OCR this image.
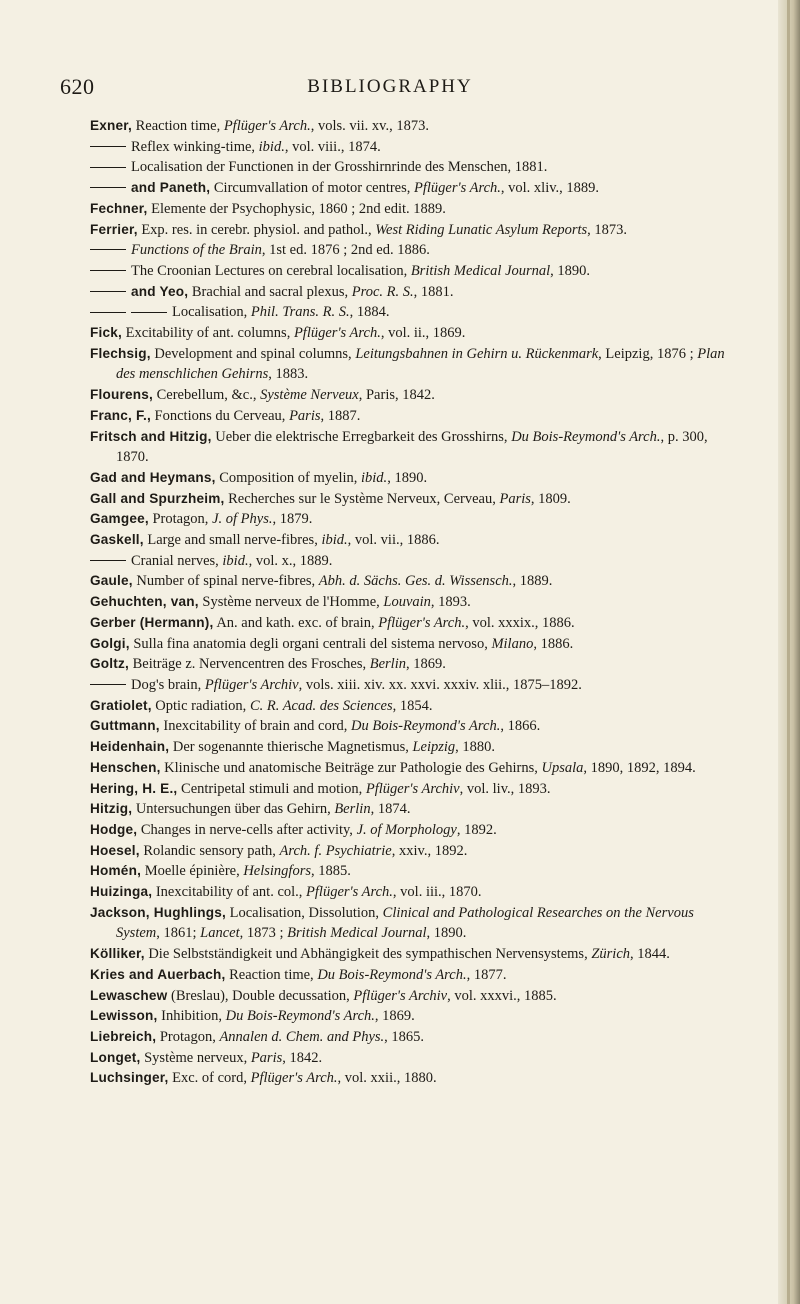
620	BIBLIOGRAPHY

Exner, Reaction time, Pflüger's Arch., vols. vii. xv., 1873.

Reflex winking-time, ibid., vol. viii., 1874.

Localisation der Functionen in der Grosshirnrinde des Menschen, 1881.

and Paneth, Circumvallation of motor centres, Pflüger's Arch., vol. xliv., 1889.

Fechner, Elemente der Psychophysic, 1860 ; 2nd edit. 1889.

Ferrier, Exp. res. in cerebr. physiol. and pathol., West Riding Lunatic Asylum Reports, 1873.

Functions of the Brain, 1st ed. 1876 ; 2nd ed. 1886.

The Croonian Lectures on cerebral localisation, British Medical Journal, 1890.

and Yeo, Brachial and sacral plexus, Proc. R. S., 1881.

Localisation, Phil. Trans. R. S., 1884.

Fick, Excitability of ant. columns, Pflüger's Arch., vol. ii., 1869.

Flechsig, Development and spinal columns, Leitungsbahnen in Gehirn u. Rückenmark, Leipzig, 1876 ; Plan des menschlichen Gehirns, 1883.

Flourens, Cerebellum, &c., Système Nerveux, Paris, 1842.

Franc, F., Fonctions du Cerveau, Paris, 1887.

Fritsch and Hitzig, Ueber die elektrische Erregbarkeit des Grosshirns, Du Bois-Reymond's Arch., p. 300, 1870.

Gad and Heymans, Composition of myelin, ibid., 1890.

Gall and Spurzheim, Recherches sur le Système Nerveux, Cerveau, Paris, 1809.

Gamgee, Protagon, J. of Phys., 1879.

Gaskell, Large and small nerve-fibres, ibid., vol. vii., 1886.

Cranial nerves, ibid., vol. x., 1889.

Gaule, Number of spinal nerve-fibres, Abh. d. Sächs. Ges. d. Wissensch., 1889.

Gehuchten, van, Système nerveux de l'Homme, Louvain, 1893.

Gerber (Hermann), An. and kath. exc. of brain, Pflüger's Arch., vol. xxxix., 1886.

Golgi, Sulla fina anatomia degli organi centrali del sistema nervoso, Milano, 1886.

Goltz, Beiträge z. Nervencentren des Frosches, Berlin, 1869.

Dog's brain, Pflüger's Archiv, vols. xiii. xiv. xx. xxvi. xxxiv. xlii., 1875–1892.

Gratiolet, Optic radiation, C. R. Acad. des Sciences, 1854.

Guttmann, Inexcitability of brain and cord, Du Bois-Reymond's Arch., 1866.

Heidenhain, Der sogenannte thierische Magnetismus, Leipzig, 1880.

Henschen, Klinische und anatomische Beiträge zur Pathologie des Gehirns, Upsala, 1890, 1892, 1894.

Hering, H. E., Centripetal stimuli and motion, Pflüger's Archiv, vol. liv., 1893.

Hitzig, Untersuchungen über das Gehirn, Berlin, 1874.

Hodge, Changes in nerve-cells after activity, J. of Morphology, 1892.

Hoesel, Rolandic sensory path, Arch. f. Psychiatrie, xxiv., 1892.

Homén, Moelle épinière, Helsingfors, 1885.

Huizinga, Inexcitability of ant. col., Pflüger's Arch., vol. iii., 1870.

Jackson, Hughlings, Localisation, Dissolution, Clinical and Pathological Researches on the Nervous System, 1861; Lancet, 1873 ; British Medical Journal, 1890.

Kölliker, Die Selbstständigkeit und Abhängigkeit des sympathischen Nervensystems, Zürich, 1844.

Kries and Auerbach, Reaction time, Du Bois-Reymond's Arch., 1877.

Lewaschew (Breslau), Double decussation, Pflüger's Archiv, vol. xxxvi., 1885.

Lewisson, Inhibition, Du Bois-Reymond's Arch., 1869.

Liebreich, Protagon, Annalen d. Chem. and Phys., 1865.

Longet, Système nerveux, Paris, 1842.

Luchsinger, Exc. of cord, Pflüger's Arch., vol. xxii., 1880.
